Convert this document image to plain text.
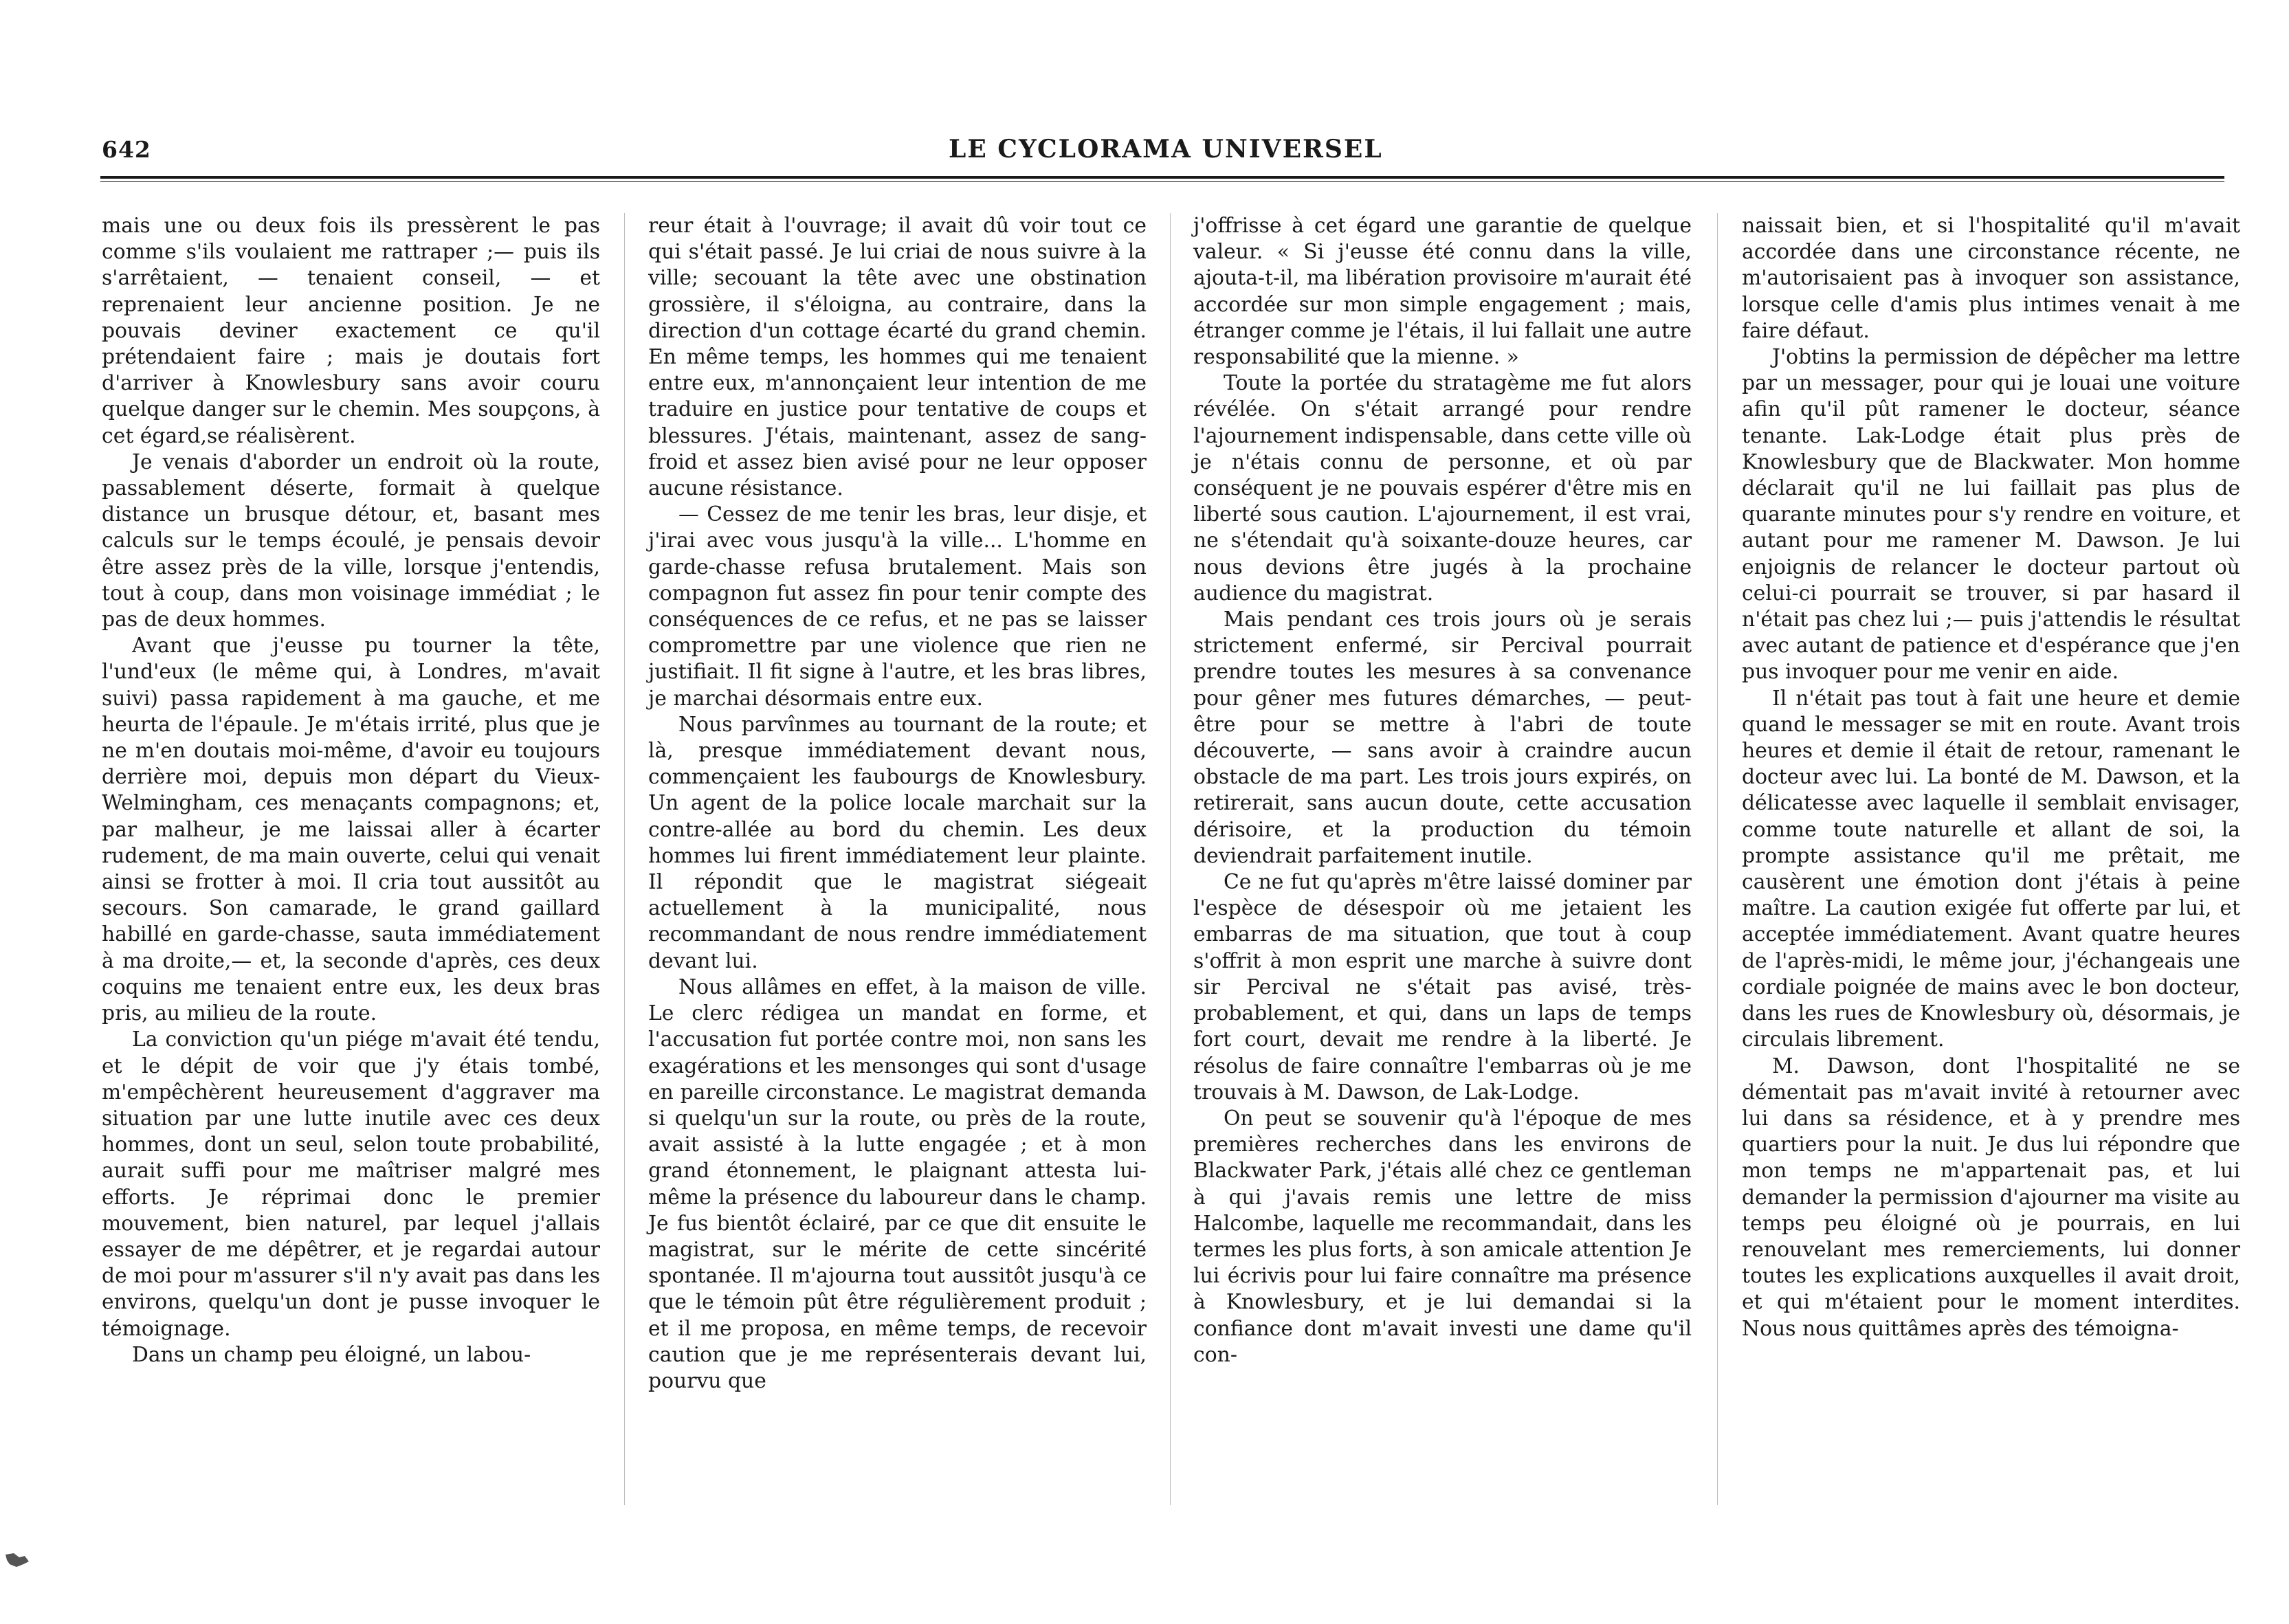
642	LE CYCLORAMA UNIVERSEL

mais une ou deux fois ils pressèrent le pas comme s'ils voulaient me rattraper ;— puis ils s'arrêtaient, — tenaient conseil, — et reprenaient leur ancienne position. Je ne pouvais deviner exactement ce qu'il prétendaient faire ; mais je doutais fort d'arriver à Knowlesbury sans avoir couru quelque danger sur le chemin. Mes soupçons, à cet égard,se réalisèrent.

Je venais d'aborder un endroit où la route, passablement déserte, formait à quelque distance un brusque détour, et, basant mes calculs sur le temps écoulé, je pensais devoir être assez près de la ville, lorsque j'entendis, tout à coup, dans mon voisinage immédiat ; le pas de deux hommes.

Avant que j'eusse pu tourner la tête, l'und'eux (le même qui, à Londres, m'avait suivi) passa rapidement à ma gauche, et me heurta de l'épaule. Je m'étais irrité, plus que je ne m'en doutais moi-même, d'avoir eu toujours derrière moi, depuis mon départ du Vieux-Welmingham, ces menaçants compagnons; et, par malheur, je me laissai aller à écarter rudement, de ma main ouverte, celui qui venait ainsi se frotter à moi. Il cria tout aussitôt au secours. Son camarade, le grand gaillard habillé en garde-chasse, sauta immédiatement à ma droite,— et, la seconde d'après, ces deux coquins me tenaient entre eux, les deux bras pris, au milieu de la route.

La conviction qu'un piége m'avait été tendu, et le dépit de voir que j'y étais tombé, m'empêchèrent heureusement d'aggraver ma situation par une lutte inutile avec ces deux hommes, dont un seul, selon toute probabilité, aurait suffi pour me maîtriser malgré mes efforts. Je réprimai donc le premier mouvement, bien naturel, par lequel j'allais essayer de me dépêtrer, et je regardai autour de moi pour m'assurer s'il n'y avait pas dans les environs, quelqu'un dont je pusse invoquer le témoignage.

Dans un champ peu éloigné, un labou-

reur était à l'ouvrage; il avait dû voir tout ce qui s'était passé. Je lui criai de nous suivre à la ville; secouant la tête avec une obstination grossière, il s'éloigna, au contraire, dans la direction d'un cottage écarté du grand chemin. En même temps, les hommes qui me tenaient entre eux, m'annonçaient leur intention de me traduire en justice pour tentative de coups et blessures. J'étais, maintenant, assez de sang-froid et assez bien avisé pour ne leur opposer aucune résistance.

— Cessez de me tenir les bras, leur disje, et j'irai avec vous jusqu'à la ville... L'homme en garde-chasse refusa brutalement. Mais son compagnon fut assez fin pour tenir compte des conséquences de ce refus, et ne pas se laisser compromettre par une violence que rien ne justifiait. Il fit signe à l'autre, et les bras libres, je marchai désormais entre eux.

Nous parvînmes au tournant de la route; et là, presque immédiatement devant nous, commençaient les faubourgs de Knowlesbury. Un agent de la police locale marchait sur la contre-allée au bord du chemin. Les deux hommes lui firent immédiatement leur plainte. Il répondit que le magistrat siégeait actuellement à la municipalité, nous recommandant de nous rendre immédiatement devant lui.

Nous allâmes en effet, à la maison de ville. Le clerc rédigea un mandat en forme, et l'accusation fut portée contre moi, non sans les exagérations et les mensonges qui sont d'usage en pareille circonstance. Le magistrat demanda si quelqu'un sur la route, ou près de la route, avait assisté à la lutte engagée ; et à mon grand étonnement, le plaignant attesta lui-même la présence du laboureur dans le champ. Je fus bientôt éclairé, par ce que dit ensuite le magistrat, sur le mérite de cette sincérité spontanée. Il m'ajourna tout aussitôt jusqu'à ce que le témoin pût être régulièrement produit ; et il me proposa, en même temps, de recevoir caution que je me représenterais devant lui, pourvu que

j'offrisse à cet égard une garantie de quelque valeur. « Si j'eusse été connu dans la ville, ajouta-t-il, ma libération provisoire m'aurait été accordée sur mon simple engagement ; mais, étranger comme je l'étais, il lui fallait une autre responsabilité que la mienne. »

Toute la portée du stratagème me fut alors révélée. On s'était arrangé pour rendre l'ajournement indispensable, dans cette ville où je n'étais connu de personne, et où par conséquent je ne pouvais espérer d'être mis en liberté sous caution. L'ajournement, il est vrai, ne s'étendait qu'à soixante-douze heures, car nous devions être jugés à la prochaine audience du magistrat.

Mais pendant ces trois jours où je serais strictement enfermé, sir Percival pourrait prendre toutes les mesures à sa convenance pour gêner mes futures démarches, — peut-être pour se mettre à l'abri de toute découverte, — sans avoir à craindre aucun obstacle de ma part. Les trois jours expirés, on retirerait, sans aucun doute, cette accusation dérisoire, et la production du témoin deviendrait parfaitement inutile.

Ce ne fut qu'après m'être laissé dominer par l'espèce de désespoir où me jetaient les embarras de ma situation, que tout à coup s'offrit à mon esprit une marche à suivre dont sir Percival ne s'était pas avisé, très-probablement, et qui, dans un laps de temps fort court, devait me rendre à la liberté. Je résolus de faire connaître l'embarras où je me trouvais à M. Dawson, de Lak-Lodge.

On peut se souvenir qu'à l'époque de mes premières recherches dans les environs de Blackwater Park, j'étais allé chez ce gentleman à qui j'avais remis une lettre de miss Halcombe, laquelle me recommandait, dans les termes les plus forts, à son amicale attention Je lui écrivis pour lui faire connaître ma présence à Knowlesbury, et je lui demandai si la confiance dont m'avait investi une dame qu'il con-

naissait bien, et si l'hospitalité qu'il m'avait accordée dans une circonstance récente, ne m'autorisaient pas à invoquer son assistance, lorsque celle d'amis plus intimes venait à me faire défaut.

J'obtins la permission de dépêcher ma lettre par un messager, pour qui je louai une voiture afin qu'il pût ramener le docteur, séance tenante. Lak-Lodge était plus près de Knowlesbury que de Blackwater. Mon homme déclarait qu'il ne lui faillait pas plus de quarante minutes pour s'y rendre en voiture, et autant pour me ramener M. Dawson. Je lui enjoignis de relancer le docteur partout où celui-ci pourrait se trouver, si par hasard il n'était pas chez lui ;— puis j'attendis le résultat avec autant de patience et d'espérance que j'en pus invoquer pour me venir en aide.

Il n'était pas tout à fait une heure et demie quand le messager se mit en route. Avant trois heures et demie il était de retour, ramenant le docteur avec lui. La bonté de M. Dawson, et la délicatesse avec laquelle il semblait envisager, comme toute naturelle et allant de soi, la prompte assistance qu'il me prêtait, me causèrent une émotion dont j'étais à peine maître. La caution exigée fut offerte par lui, et acceptée immédiatement. Avant quatre heures de l'après-midi, le même jour, j'échangeais une cordiale poignée de mains avec le bon docteur, dans les rues de Knowlesbury où, désormais, je circulais librement.

M. Dawson, dont l'hospitalité ne se démentait pas m'avait invité à retourner avec lui dans sa résidence, et à y prendre mes quartiers pour la nuit. Je dus lui répondre que mon temps ne m'appartenait pas, et lui demander la permission d'ajourner ma visite au temps peu éloigné où je pourrais, en lui renouvelant mes remerciements, lui donner toutes les explications auxquelles il avait droit, et qui m'étaient pour le moment interdites. Nous nous quittâmes après des témoigna-
